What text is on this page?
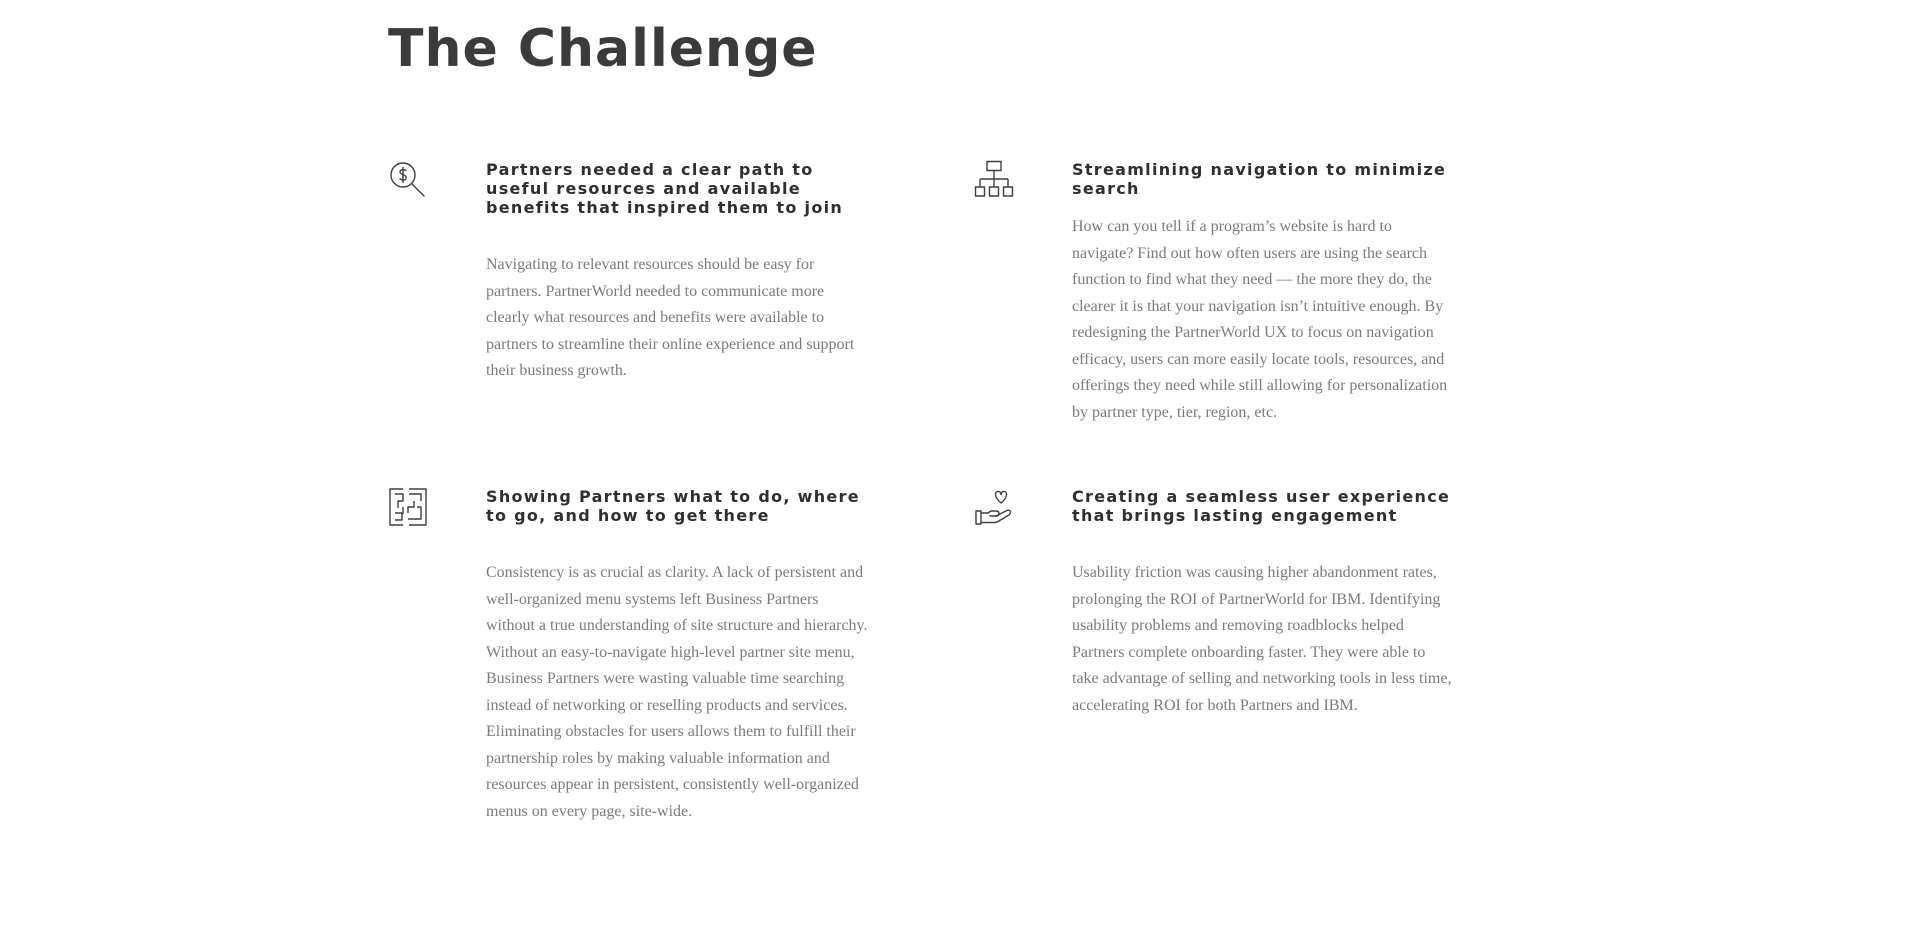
The Challenge
Partners needed a clear path to useful resources and available benefits that inspired them to join

Navigating to relevant resources should be easy for partners. PartnerWorld needed to communicate more clearly what resources and benefits were available to partners to streamline their online experience and support their business growth.

Streamlining navigation to minimize search

How can you tell if a program’s website is hard to navigate? Find out how often users are using the search function to find what they need — the more they do, the clearer it is that your navigation isn’t intuitive enough. By redesigning the PartnerWorld UX to focus on navigation efficacy, users can more easily locate tools, resources, and offerings they need while still allowing for personalization by partner type, tier, region, etc.

Showing Partners what to do, where to go, and how to get there

Consistency is as crucial as clarity. A lack of persistent and well-organized menu systems left Business Partners without a true understanding of site structure and hierarchy. Without an easy-to-navigate high-level partner site menu, Business Partners were wasting valuable time searching instead of networking or reselling products and services. Eliminating obstacles for users allows them to fulfill their partnership roles by making valuable information and resources appear in persistent, consistently well-organized menus on every page, site-wide.

Creating a seamless user experience that brings lasting engagement

Usability friction was causing higher abandonment rates, prolonging the ROI of PartnerWorld for IBM. Identifying usability problems and removing roadblocks helped Partners complete onboarding faster. They were able to take advantage of selling and networking tools in less time, accelerating ROI for both Partners and IBM.
